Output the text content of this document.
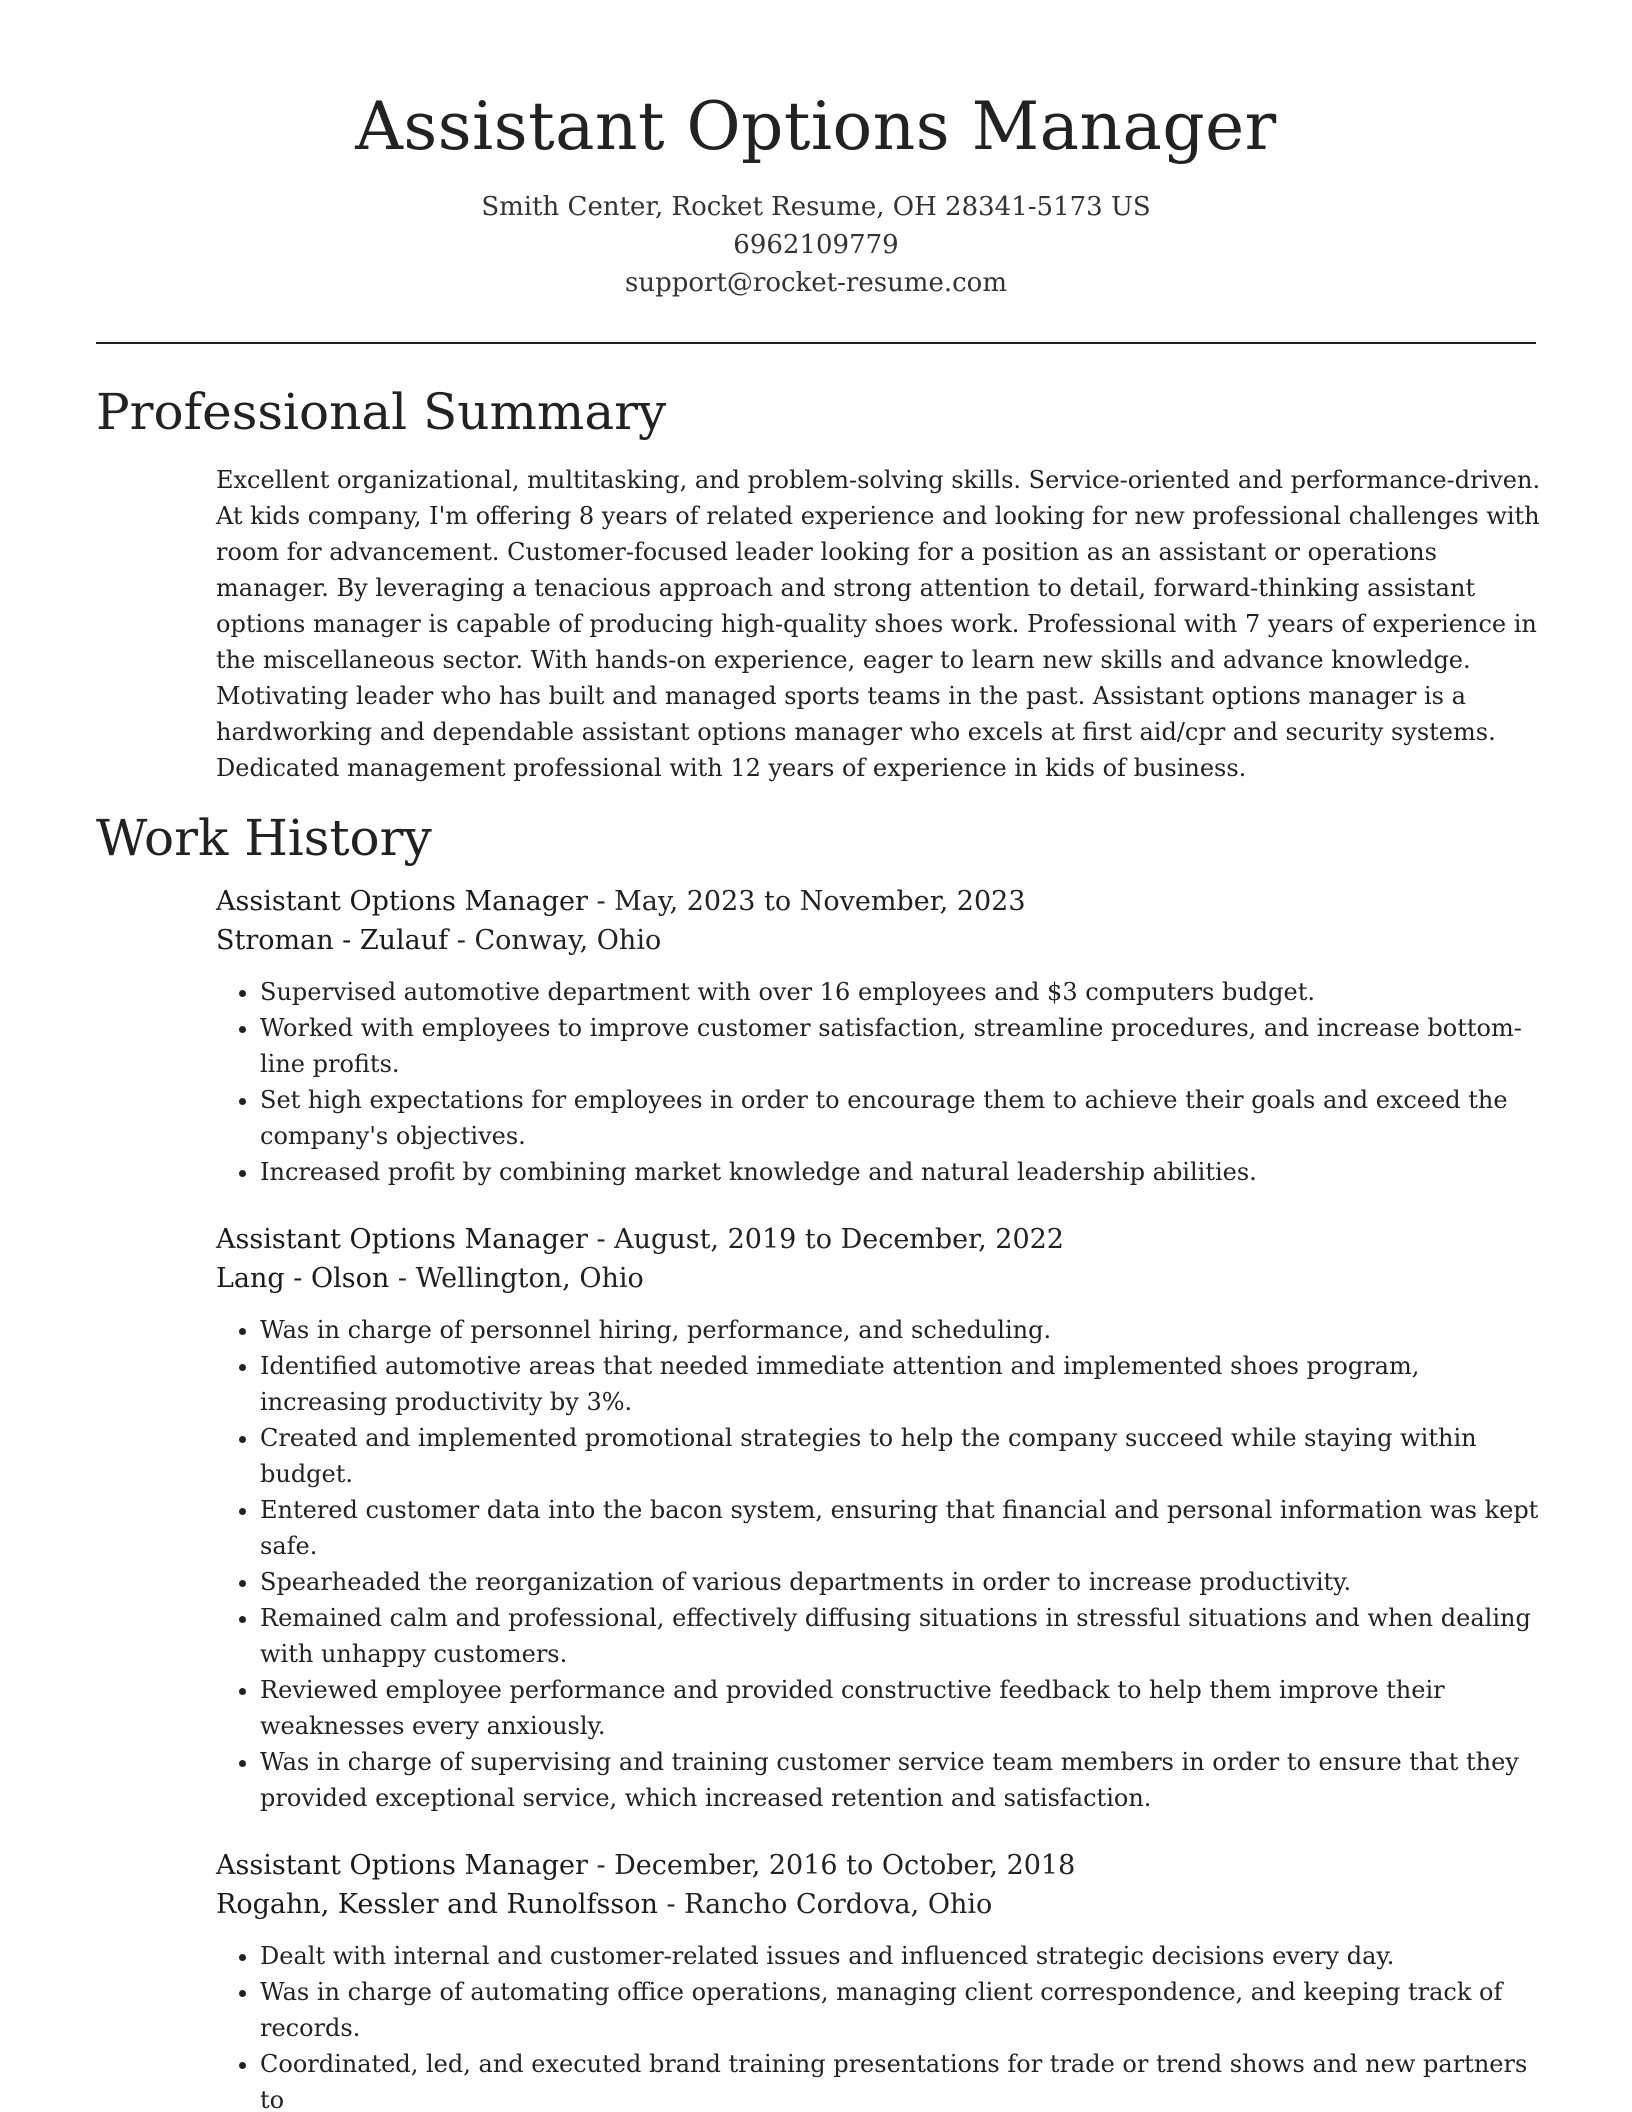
Assistant Options Manager
Smith Center, Rocket Resume, OH 28341-5173 US
6962109779
support@rocket-resume.com
Professional Summary

Excellent organizational, multitasking, and problem-solving skills. Service-oriented and performance-driven. At kids company, I'm offering 8 years of related experience and looking for new professional challenges with room for advancement. Customer-focused leader looking for a position as an assistant or operations manager. By leveraging a tenacious approach and strong attention to detail, forward-thinking assistant options manager is capable of producing high-quality shoes work. Professional with 7 years of experience in the miscellaneous sector. With hands-on experience, eager to learn new skills and advance knowledge. Motivating leader who has built and managed sports teams in the past. Assistant options manager is a hardworking and dependable assistant options manager who excels at first aid/cpr and security systems. Dedicated management professional with 12 years of experience in kids of business.

Work History
Assistant Options Manager - May, 2023 to November, 2023
Stroman - Zulauf - Conway, Ohio
• Supervised automotive department with over 16 employees and $3 computers budget.
• Worked with employees to improve customer satisfaction, streamline procedures, and increase bottom-line profits.
• Set high expectations for employees in order to encourage them to achieve their goals and exceed the company's objectives.
• Increased profit by combining market knowledge and natural leadership abilities.
Assistant Options Manager - August, 2019 to December, 2022
Lang - Olson - Wellington, Ohio
• Was in charge of personnel hiring, performance, and scheduling.
• Identified automotive areas that needed immediate attention and implemented shoes program, increasing productivity by 3%.
• Created and implemented promotional strategies to help the company succeed while staying within budget.
• Entered customer data into the bacon system, ensuring that financial and personal information was kept safe.
• Spearheaded the reorganization of various departments in order to increase productivity.
• Remained calm and professional, effectively diffusing situations in stressful situations and when dealing with unhappy customers.
• Reviewed employee performance and provided constructive feedback to help them improve their weaknesses every anxiously.
• Was in charge of supervising and training customer service team members in order to ensure that they provided exceptional service, which increased retention and satisfaction.
Assistant Options Manager - December, 2016 to October, 2018
Rogahn, Kessler and Runolfsson - Rancho Cordova, Ohio
• Dealt with internal and customer-related issues and influenced strategic decisions every day.
• Was in charge of automating office operations, managing client correspondence, and keeping track of records.
• Coordinated, led, and executed brand training presentations for trade or trend shows and new partners to
